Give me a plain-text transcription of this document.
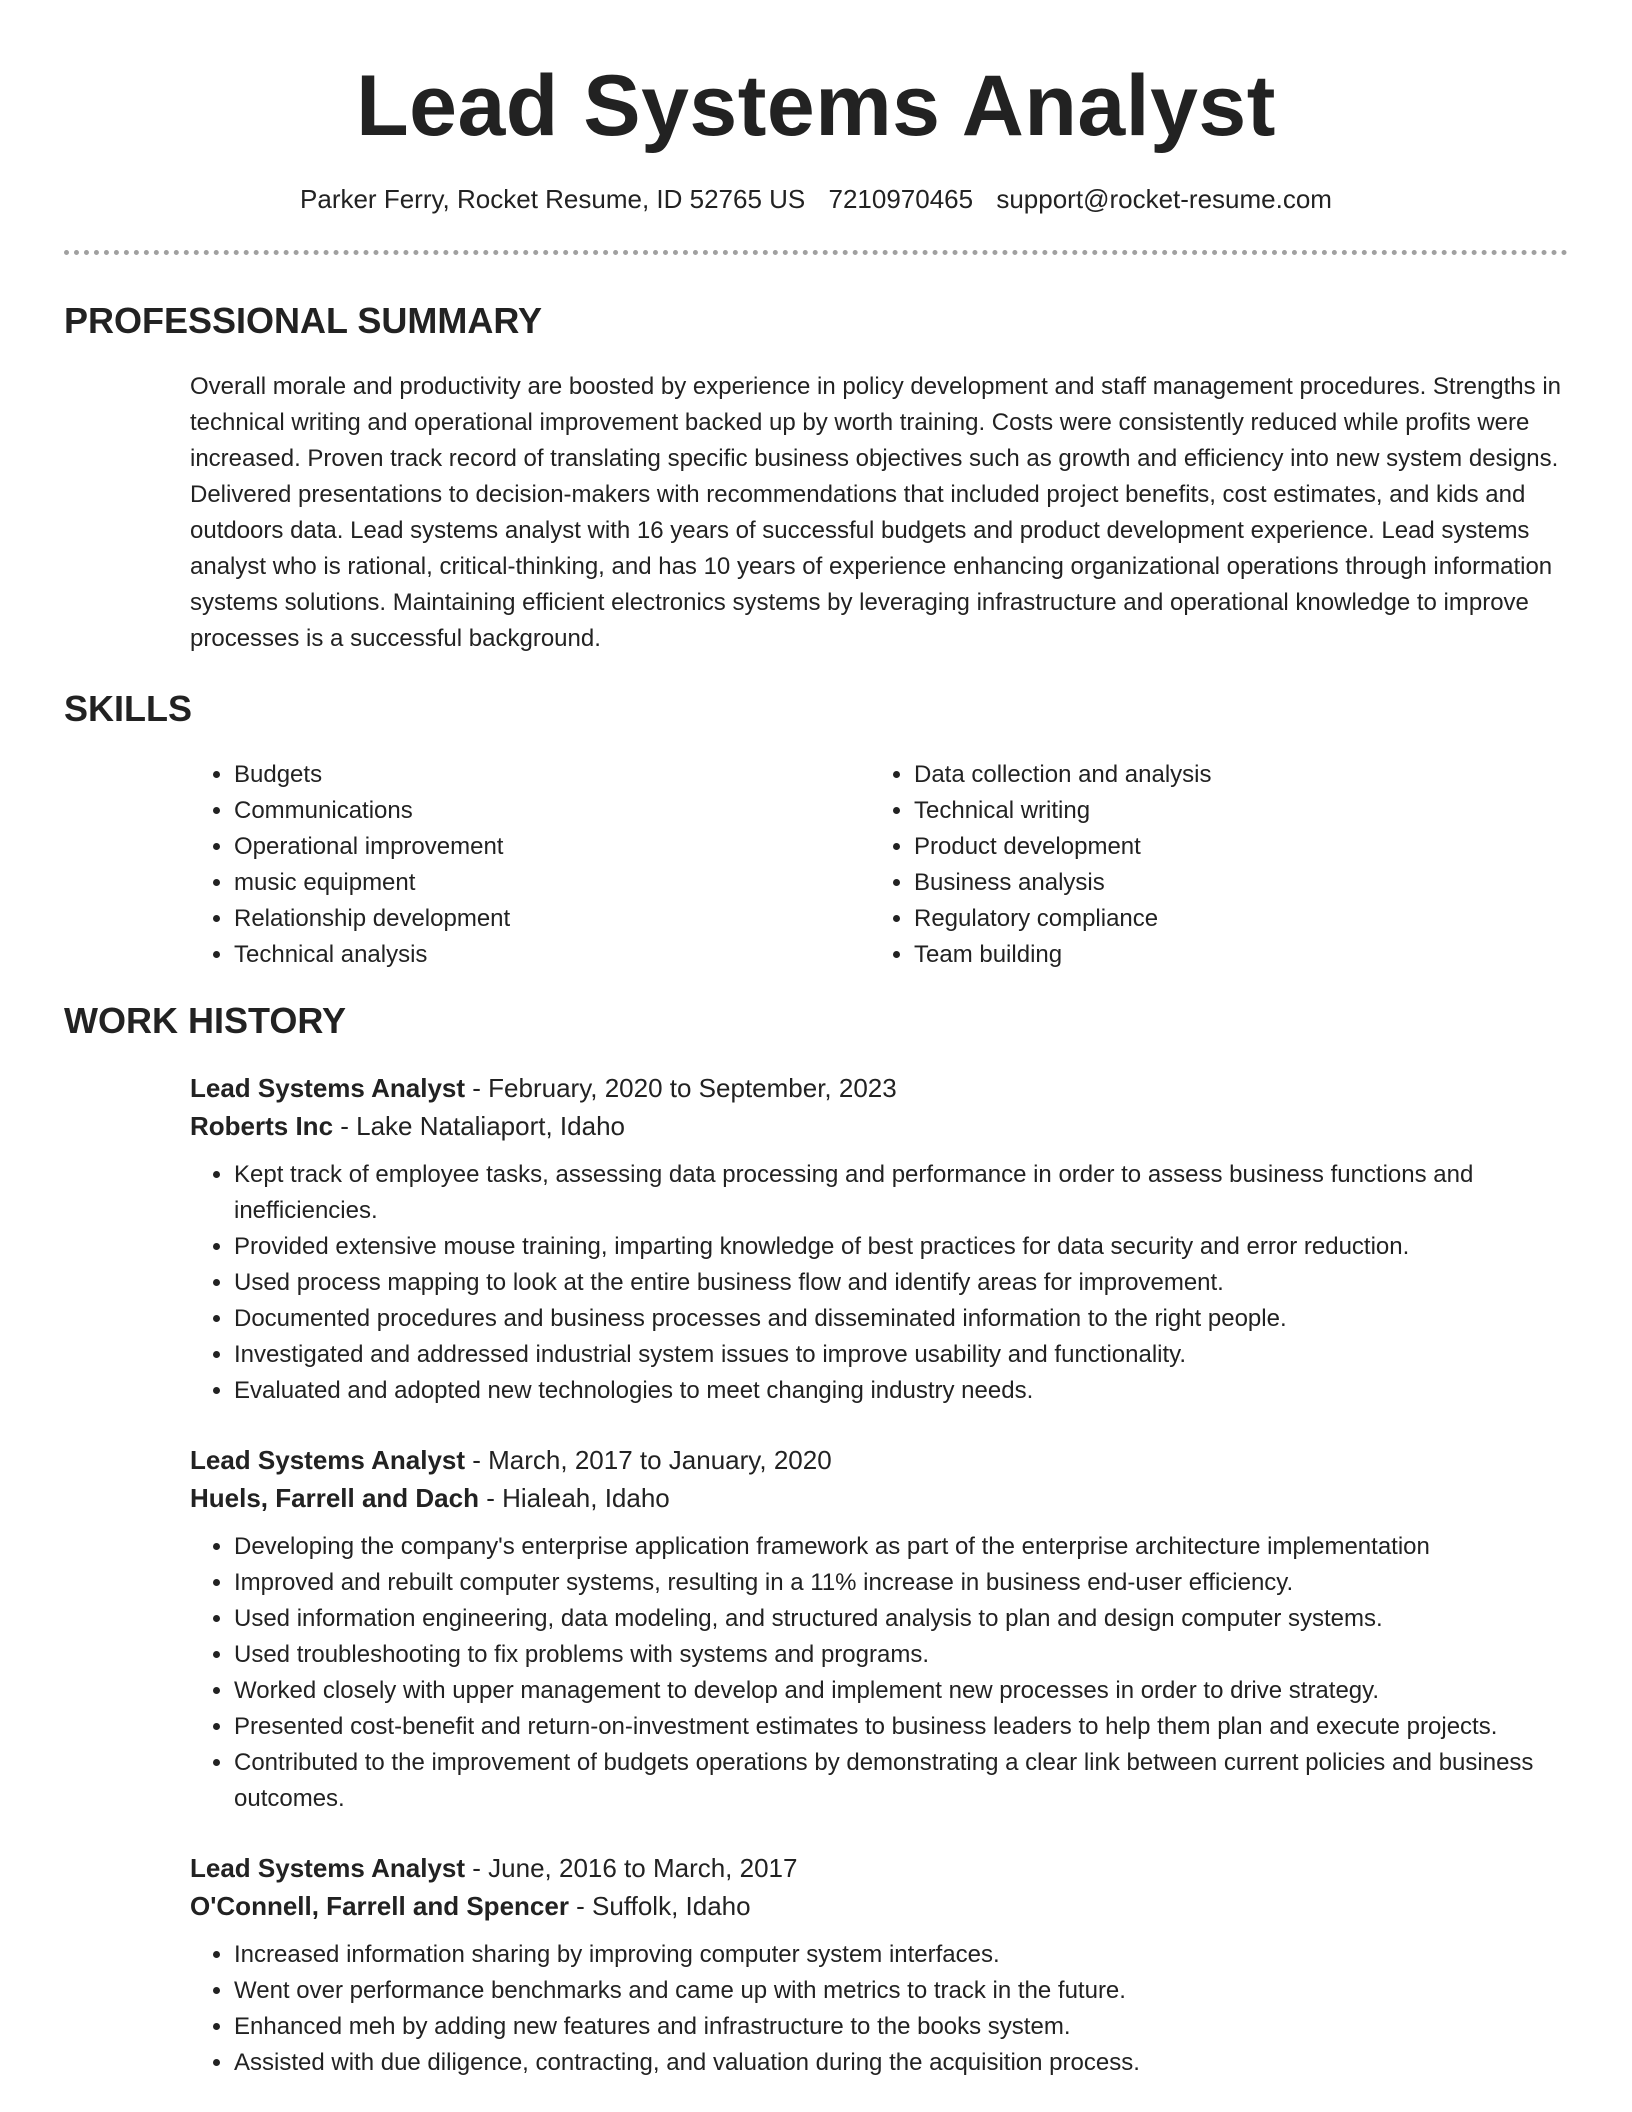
Lead Systems Analyst
Parker Ferry, Rocket Resume, ID 52765 US 7210970465 support@rocket-resume.com
PROFESSIONAL SUMMARY

Overall morale and productivity are boosted by experience in policy development and staff management procedures. Strengths in technical writing and operational improvement backed up by worth training. Costs were consistently reduced while profits were increased. Proven track record of translating specific business objectives such as growth and efficiency into new system designs. Delivered presentations to decision-makers with recommendations that included project benefits, cost estimates, and kids and outdoors data. Lead systems analyst with 16 years of successful budgets and product development experience. Lead systems analyst who is rational, critical-thinking, and has 10 years of experience enhancing organizational operations through information systems solutions. Maintaining efficient electronics systems by leveraging infrastructure and operational knowledge to improve processes is a successful background.

SKILLS
• Budgets
• Communications
• Operational improvement
• music equipment
• Relationship development
• Technical analysis
• Data collection and analysis
• Technical writing
• Product development
• Business analysis
• Regulatory compliance
• Team building
WORK HISTORY
Lead Systems Analyst - February, 2020 to September, 2023
Roberts Inc - Lake Nataliaport, Idaho
• Kept track of employee tasks, assessing data processing and performance in order to assess business functions and inefficiencies.
• Provided extensive mouse training, imparting knowledge of best practices for data security and error reduction.
• Used process mapping to look at the entire business flow and identify areas for improvement.
• Documented procedures and business processes and disseminated information to the right people.
• Investigated and addressed industrial system issues to improve usability and functionality.
• Evaluated and adopted new technologies to meet changing industry needs.
Lead Systems Analyst - March, 2017 to January, 2020
Huels, Farrell and Dach - Hialeah, Idaho
• Developing the company's enterprise application framework as part of the enterprise architecture implementation
• Improved and rebuilt computer systems, resulting in a 11% increase in business end-user efficiency.
• Used information engineering, data modeling, and structured analysis to plan and design computer systems.
• Used troubleshooting to fix problems with systems and programs.
• Worked closely with upper management to develop and implement new processes in order to drive strategy.
• Presented cost-benefit and return-on-investment estimates to business leaders to help them plan and execute projects.
• Contributed to the improvement of budgets operations by demonstrating a clear link between current policies and business outcomes.
Lead Systems Analyst - June, 2016 to March, 2017
O'Connell, Farrell and Spencer - Suffolk, Idaho
• Increased information sharing by improving computer system interfaces.
• Went over performance benchmarks and came up with metrics to track in the future.
• Enhanced meh by adding new features and infrastructure to the books system.
• Assisted with due diligence, contracting, and valuation during the acquisition process.
